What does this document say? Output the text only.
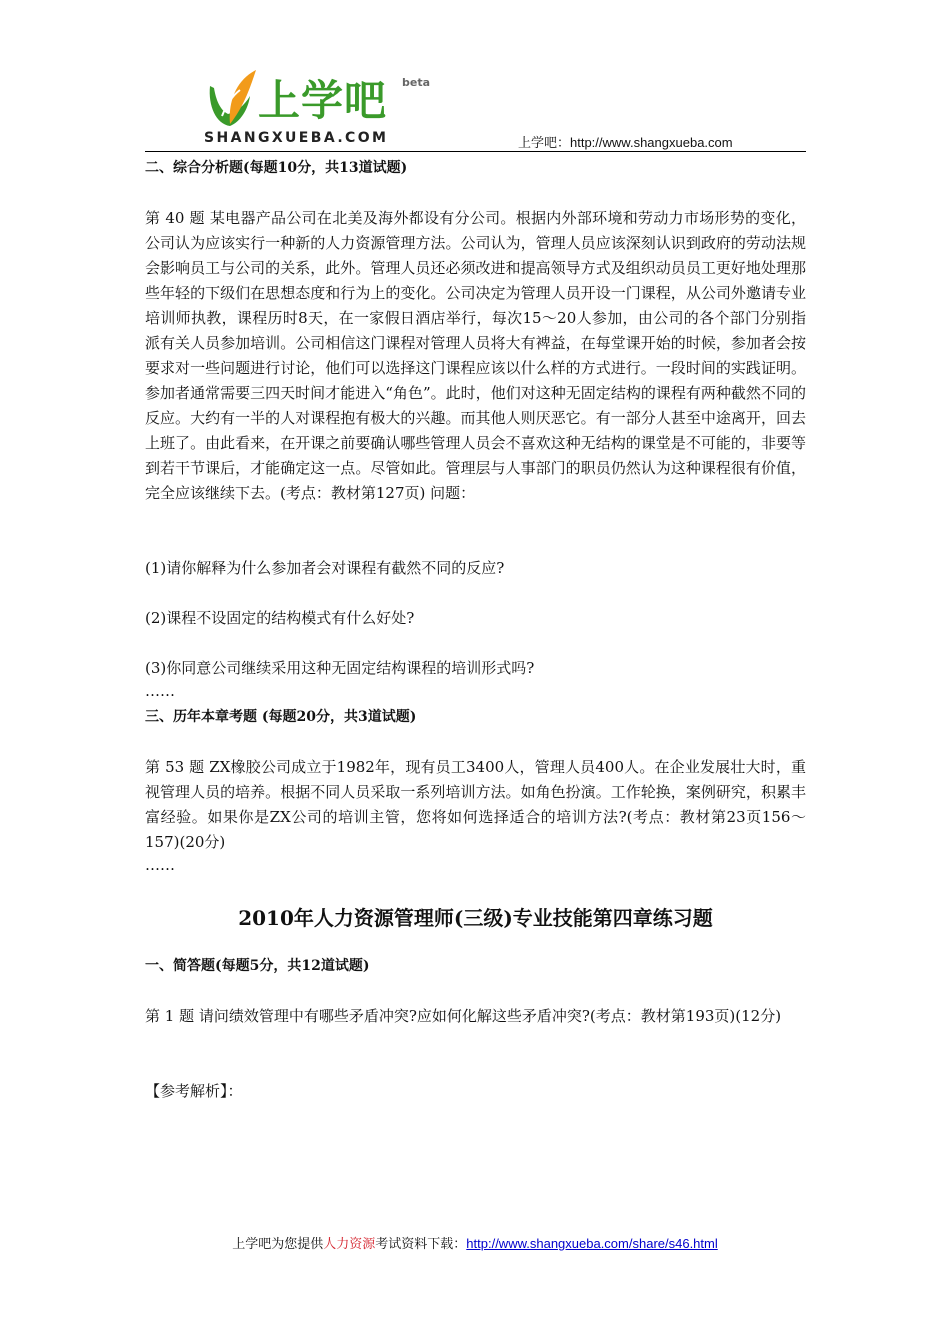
上学吧 beta
SHANGXUEBA.COM	上学吧：http://www.shangxueba.com

二、综合分析题(每题10分，共13道试题)

第 40 题 某电器产品公司在北美及海外都设有分公司。根据内外部环境和劳动力市场形势的变化，公司认为应该实行一种新的人力资源管理方法。公司认为，管理人员应该深刻认识到政府的劳动法规会影响员工与公司的关系，此外。管理人员还必须改进和提高领导方式及组织动员员工更好地处理那些年轻的下级们在思想态度和行为上的变化。公司决定为管理人员开设一门课程，从公司外邀请专业培训师执教，课程历时8天，在一家假日酒店举行，每次15～20人参加，由公司的各个部门分别指派有关人员参加培训。公司相信这门课程对管理人员将大有裨益，在每堂课开始的时候，参加者会按要求对一些问题进行讨论，他们可以选择这门课程应该以什么样的方式进行。一段时间的实践证明。参加者通常需要三四天时间才能进入“角色”。此时，他们对这种无固定结构的课程有两种截然不同的反应。大约有一半的人对课程抱有极大的兴趣。而其他人则厌恶它。有一部分人甚至中途离开，回去上班了。由此看来，在开课之前要确认哪些管理人员会不喜欢这种无结构的课堂是不可能的，非要等到若干节课后，才能确定这一点。尽管如此。管理层与人事部门的职员仍然认为这种课程很有价值，完全应该继续下去。(考点：教材第127页) 问题：

(1)请你解释为什么参加者会对课程有截然不同的反应?

(2)课程不设固定的结构模式有什么好处?

(3)你同意公司继续采用这种无固定结构课程的培训形式吗?

……

三、历年本章考题 (每题20分，共3道试题)

第 53 题 ZX橡胶公司成立于1982年，现有员工3400人，管理人员400人。在企业发展壮大时，重视管理人员的培养。根据不同人员采取一系列培训方法。如角色扮演。工作轮换，案例研究，积累丰富经验。如果你是ZX公司的培训主管，您将如何选择适合的培训方法?(考点：教材第23页156～157)(20分)

……

2010年人力资源管理师(三级)专业技能第四章练习题

一、简答题(每题5分，共12道试题)

第 1 题 请问绩效管理中有哪些矛盾冲突?应如何化解这些矛盾冲突?(考点：教材第193页)(12分)

【参考解析】：

上学吧为您提供人力资源考试资料下载：http://www.shangxueba.com/share/s46.html
